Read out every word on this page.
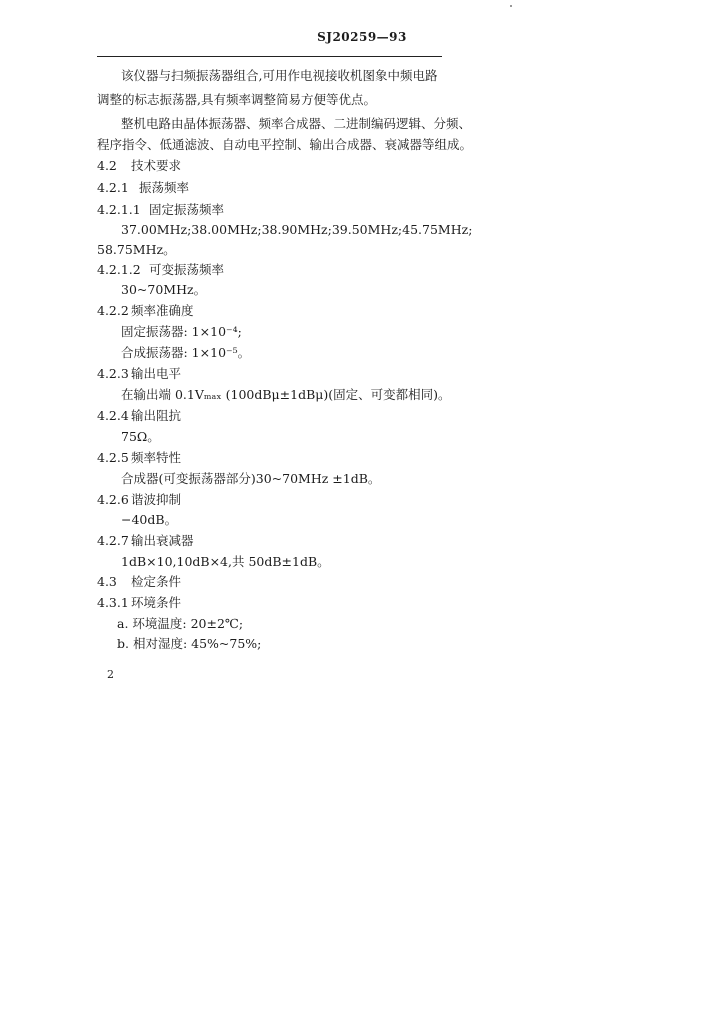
SJ20259—93
该仪器与扫频振荡器组合,可用作电视接收机图象中频电路
调整的标志振荡器,具有频率调整简易方便等优点。
整机电路由晶体振荡器、频率合成器、二进制编码逻辑、分频、
程序指令、低通滤波、自动电平控制、输出合成器、衰减器等组成。
4.2 技术要求
4.2.1 振荡频率
4.2.1.1 固定振荡频率
37.00MHz;38.00MHz;38.90MHz;39.50MHz;45.75MHz;
58.75MHz。
4.2.1.2 可变振荡频率
30~70MHz。
4.2.2 频率准确度
固定振荡器: 1×10⁻⁴;
合成振荡器: 1×10⁻⁵。
4.2.3 输出电平
在输出端 0.1Vₘₐₓ (100dBμ±1dBμ)(固定、可变都相同)。
4.2.4 输出阻抗
75Ω。
4.2.5 频率特性
合成器(可变振荡器部分)30~70MHz ±1dB。
4.2.6 谐波抑制
−40dB。
4.2.7 输出衰减器
1dB×10,10dB×4,共 50dB±1dB。
4.3 检定条件
4.3.1 环境条件
a. 环境温度: 20±2℃;
b. 相对湿度: 45%~75%;
2
